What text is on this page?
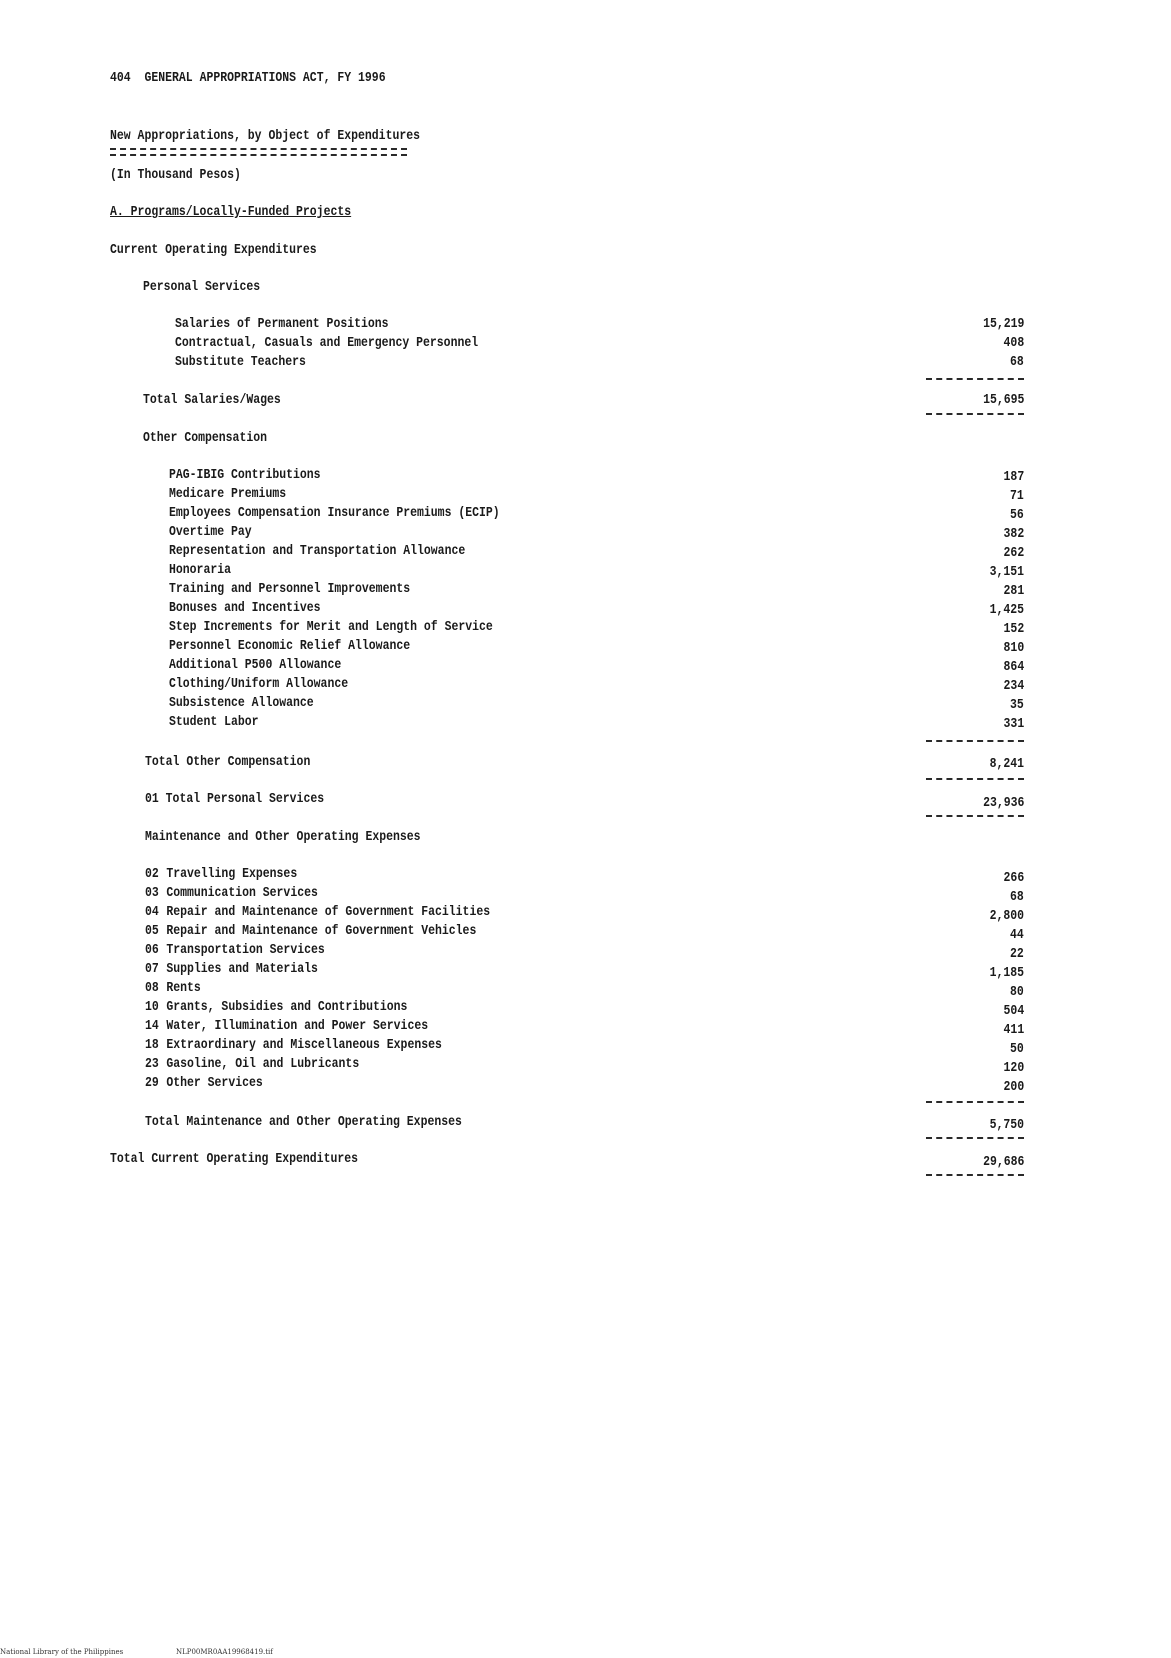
404 GENERAL APPROPRIATIONS ACT, FY 1996
New Appropriations, by Object of Expenditures
(In Thousand Pesos)
A. Programs/Locally-Funded Projects
Current Operating Expenditures
Personal Services
Salaries of Permanent Positions	15,219
Contractual, Casuals and Emergency Personnel	408
Substitute Teachers	68
Total Salaries/Wages	15,695
Other Compensation
PAG-IBIG Contributions	187
Medicare Premiums	71
Employees Compensation Insurance Premiums (ECIP)	56
Overtime Pay	382
Representation and Transportation Allowance	262
Honoraria	3,151
Training and Personnel Improvements	281
Bonuses and Incentives	1,425
Step Increments for Merit and Length of Service	152
Personnel Economic Relief Allowance	810
Additional P500 Allowance	864
Clothing/Uniform Allowance	234
Subsistence Allowance	35
Student Labor	331
Total Other Compensation	8,241
01 Total Personal Services	23,936
Maintenance and Other Operating Expenses
02 Travelling Expenses	266
03 Communication Services	68
04 Repair and Maintenance of Government Facilities	2,800
05 Repair and Maintenance of Government Vehicles	44
06 Transportation Services	22
07 Supplies and Materials	1,185
08 Rents	80
10 Grants, Subsidies and Contributions	504
14 Water, Illumination and Power Services	411
18 Extraordinary and Miscellaneous Expenses	50
23 Gasoline, Oil and Lubricants	120
29 Other Services	200
Total Maintenance and Other Operating Expenses	5,750
Total Current Operating Expenditures	29,686
National Library of the Philippines	NLP00MR0AA19968419.tif
